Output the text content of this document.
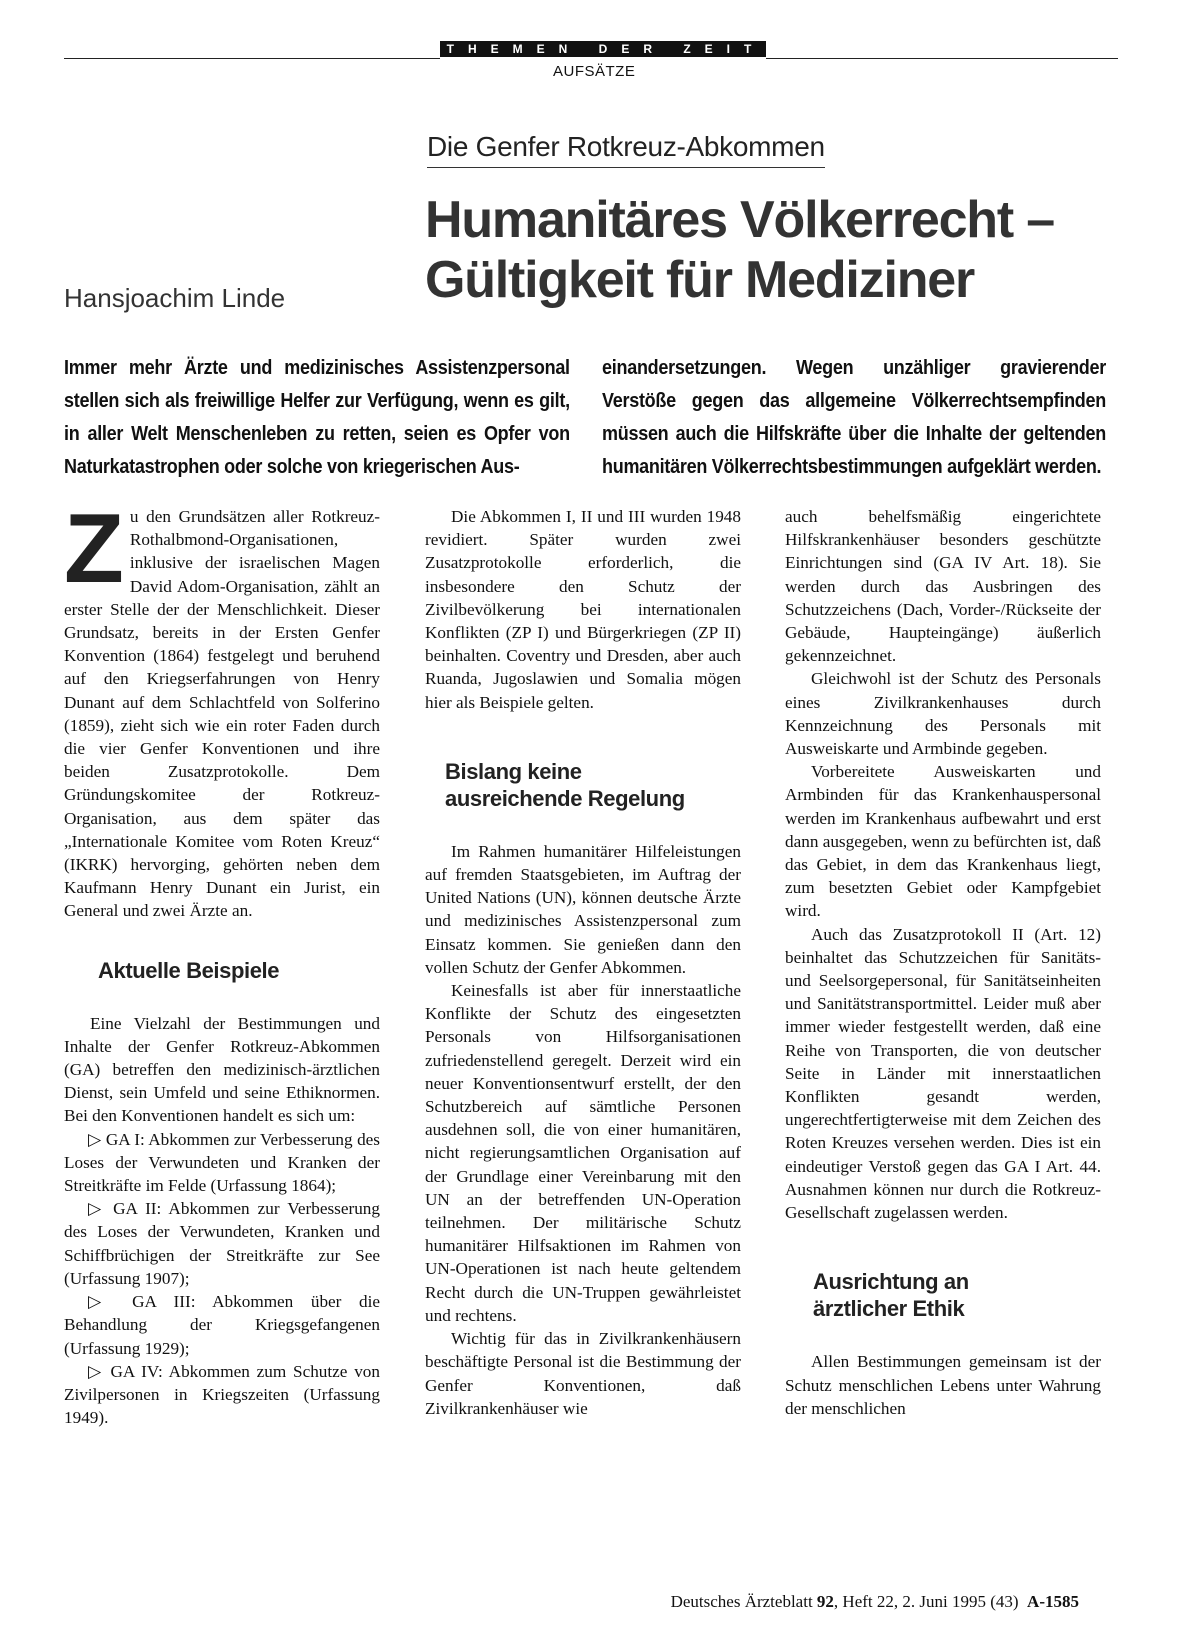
THEMEN DER ZEIT
AUFSÄTZE
Die Genfer Rotkreuz-Abkommen
Humanitäres Völkerrecht –
Gültigkeit für Mediziner
Hansjoachim Linde

Immer mehr Ärzte und medizinisches Assistenzpersonal stellen sich als freiwillige Helfer zur Verfügung, wenn es gilt, in aller Welt Menschenleben zu retten, seien es Opfer von Naturkatastrophen oder solche von kriegerischen Aus-

einandersetzungen. Wegen unzähliger gravierender Verstöße gegen das allgemeine Völkerrechtsempfinden müssen auch die Hilfskräfte über die Inhalte der geltenden humanitären Völkerrechtsbestimmungen aufgeklärt werden.

Zu den Grundsätzen aller Rotkreuz-Rothalbmond-Organisationen, inklusive der israelischen Magen David Adom-Organisation, zählt an erster Stelle der der Menschlichkeit. Dieser Grundsatz, bereits in der Ersten Genfer Konvention (1864) festgelegt und beruhend auf den Kriegserfahrungen von Henry Dunant auf dem Schlachtfeld von Solferino (1859), zieht sich wie ein roter Faden durch die vier Genfer Konventionen und ihre beiden Zusatzprotokolle. Dem Gründungskomitee der Rotkreuz-Organisation, aus dem später das „Internationale Komitee vom Roten Kreuz“ (IKRK) hervorging, gehörten neben dem Kaufmann Henry Dunant ein Jurist, ein General und zwei Ärzte an.

Aktuelle Beispiele

Eine Vielzahl der Bestimmungen und Inhalte der Genfer Rotkreuz-Abkommen (GA) betreffen den medizinisch-ärztlichen Dienst, sein Umfeld und seine Ethiknormen. Bei den Konventionen handelt es sich um:

▷ GA I: Abkommen zur Verbesserung des Loses der Verwundeten und Kranken der Streitkräfte im Felde (Urfassung 1864);

▷ GA II: Abkommen zur Verbesserung des Loses der Verwundeten, Kranken und Schiffbrüchigen der Streitkräfte zur See (Urfassung 1907);

▷ GA III: Abkommen über die Behandlung der Kriegsgefangenen (Urfassung 1929);

▷ GA IV: Abkommen zum Schutze von Zivilpersonen in Kriegszeiten (Urfassung 1949).

Die Abkommen I, II und III wurden 1948 revidiert. Später wurden zwei Zusatzprotokolle erforderlich, die insbesondere den Schutz der Zivilbevölkerung bei internationalen Konflikten (ZP I) und Bürgerkriegen (ZP II) beinhalten. Coventry und Dresden, aber auch Ruanda, Jugoslawien und Somalia mögen hier als Beispiele gelten.

Bislang keine
ausreichende Regelung

Im Rahmen humanitärer Hilfeleistungen auf fremden Staatsgebieten, im Auftrag der United Nations (UN), können deutsche Ärzte und medizinisches Assistenzpersonal zum Einsatz kommen. Sie genießen dann den vollen Schutz der Genfer Abkommen.

Keinesfalls ist aber für innerstaatliche Konflikte der Schutz des eingesetzten Personals von Hilfsorganisationen zufriedenstellend geregelt. Derzeit wird ein neuer Konventionsentwurf erstellt, der den Schutzbereich auf sämtliche Personen ausdehnen soll, die von einer humanitären, nicht regierungsamtlichen Organisation auf der Grundlage einer Vereinbarung mit den UN an der betreffenden UN-Operation teilnehmen. Der militärische Schutz humanitärer Hilfsaktionen im Rahmen von UN-Operationen ist nach heute geltendem Recht durch die UN-Truppen gewährleistet und rechtens.

Wichtig für das in Zivilkrankenhäusern beschäftigte Personal ist die Bestimmung der Genfer Konventionen, daß Zivilkrankenhäuser wie

auch behelfsmäßig eingerichtete Hilfskrankenhäuser besonders geschützte Einrichtungen sind (GA IV Art. 18). Sie werden durch das Ausbringen des Schutzzeichens (Dach, Vorder-/Rückseite der Gebäude, Haupteingänge) äußerlich gekennzeichnet.

Gleichwohl ist der Schutz des Personals eines Zivilkrankenhauses durch Kennzeichnung des Personals mit Ausweiskarte und Armbinde gegeben.

Vorbereitete Ausweiskarten und Armbinden für das Krankenhauspersonal werden im Krankenhaus aufbewahrt und erst dann ausgegeben, wenn zu befürchten ist, daß das Gebiet, in dem das Krankenhaus liegt, zum besetzten Gebiet oder Kampfgebiet wird.

Auch das Zusatzprotokoll II (Art. 12) beinhaltet das Schutzzeichen für Sanitäts- und Seelsorgepersonal, für Sanitätseinheiten und Sanitätstransportmittel. Leider muß aber immer wieder festgestellt werden, daß eine Reihe von Transporten, die von deutscher Seite in Länder mit innerstaatlichen Konflikten gesandt werden, ungerechtfertigterweise mit dem Zeichen des Roten Kreuzes versehen werden. Dies ist ein eindeutiger Verstoß gegen das GA I Art. 44. Ausnahmen können nur durch die Rotkreuz-Gesellschaft zugelassen werden.

Ausrichtung an
ärztlicher Ethik

Allen Bestimmungen gemeinsam ist der Schutz menschlichen Lebens unter Wahrung der menschlichen

Deutsches Ärzteblatt 92, Heft 22, 2. Juni 1995 (43) A-1585
